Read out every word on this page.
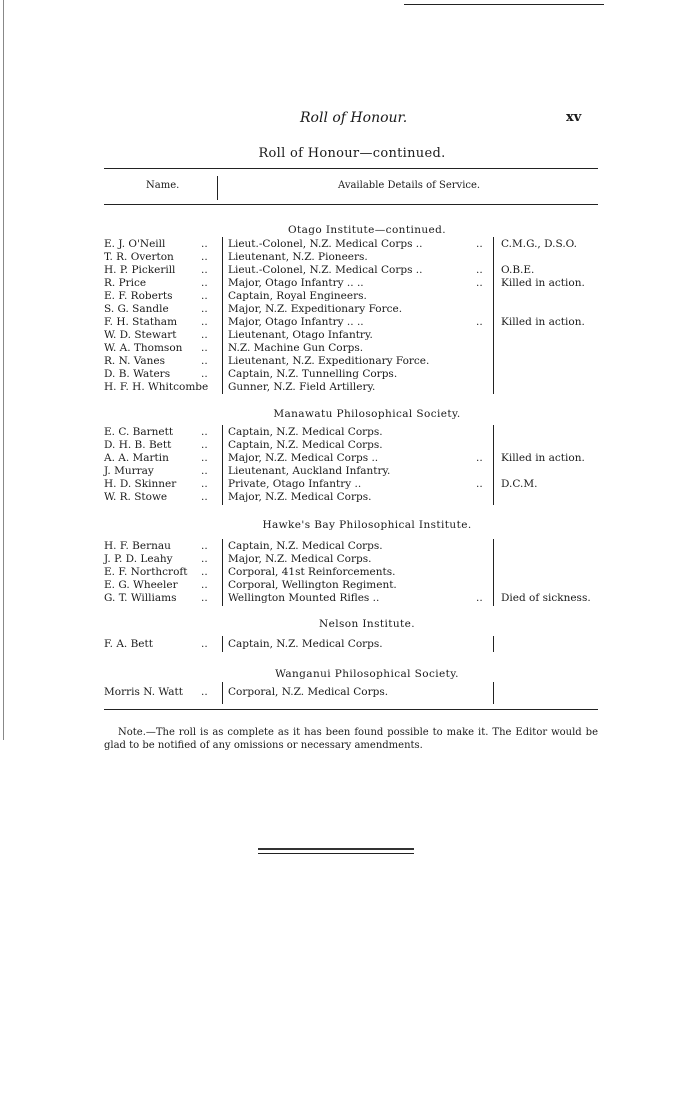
Roll of Honour.	xv
Roll of Honour—continued.
Name.	Available Details of Service.
Otago Institute—continued.
Manawatu Philosophical Society.
Hawke's Bay Philosophical Institute.
Nelson Institute.
Wanganui Philosophical Society.
E. J. O'Neill	.. Lieut.-Colonel, N.Z. Medical Corps ..	.. C.M.G., D.S.O.
T. R. Overton	.. Lieutenant, N.Z. Pioneers.
H. P. Pickerill .. Lieut.-Colonel, N.Z. Medical Corps ..	.. O.B.E.
R. Price	.. Major, Otago Infantry .. ..	.. Killed in action.
E. F. Roberts	.. Captain, Royal Engineers.
S. G. Sandle	.. Major, N.Z. Expeditionary Force.
F. H. Statham .. Major, Otago Infantry .. ..	.. Killed in action.
W. D. Stewart .. Lieutenant, Otago Infantry.
W. A. Thomson .. N.Z. Machine Gun Corps.
R. N. Vanes	.. Lieutenant, N.Z. Expeditionary Force.
D. B. Waters	.. Captain, N.Z. Tunnelling Corps.
H. F. H. Whitcombe Gunner, N.Z. Field Artillery.
E. C. Barnett	.. Captain, N.Z. Medical Corps.
D. H. B. Bett	.. Captain, N.Z. Medical Corps.
A. A. Martin	.. Major, N.Z. Medical Corps ..	.. Killed in action.
J. Murray	.. Lieutenant, Auckland Infantry.
H. D. Skinner .. Private, Otago Infantry ..	.. D.C.M.
W. R. Stowe	.. Major, N.Z. Medical Corps.
H. F. Bernau	.. Captain, N.Z. Medical Corps.
J. P. D. Leahy	.. Major, N.Z. Medical Corps.
E. F. Northcroft .. Corporal, 41st Reinforcements.
E. G. Wheeler .. Corporal, Wellington Regiment.
G. T. Williams .. Wellington Mounted Rifles ..	.. Died of sickness.
F. A. Bett	.. Captain, N.Z. Medical Corps.
Morris N. Watt .. Corporal, N.Z. Medical Corps.
Note.—The roll is as complete as it has been found possible to make it. The Editor would be glad to be notified of any omissions or necessary amendments.
